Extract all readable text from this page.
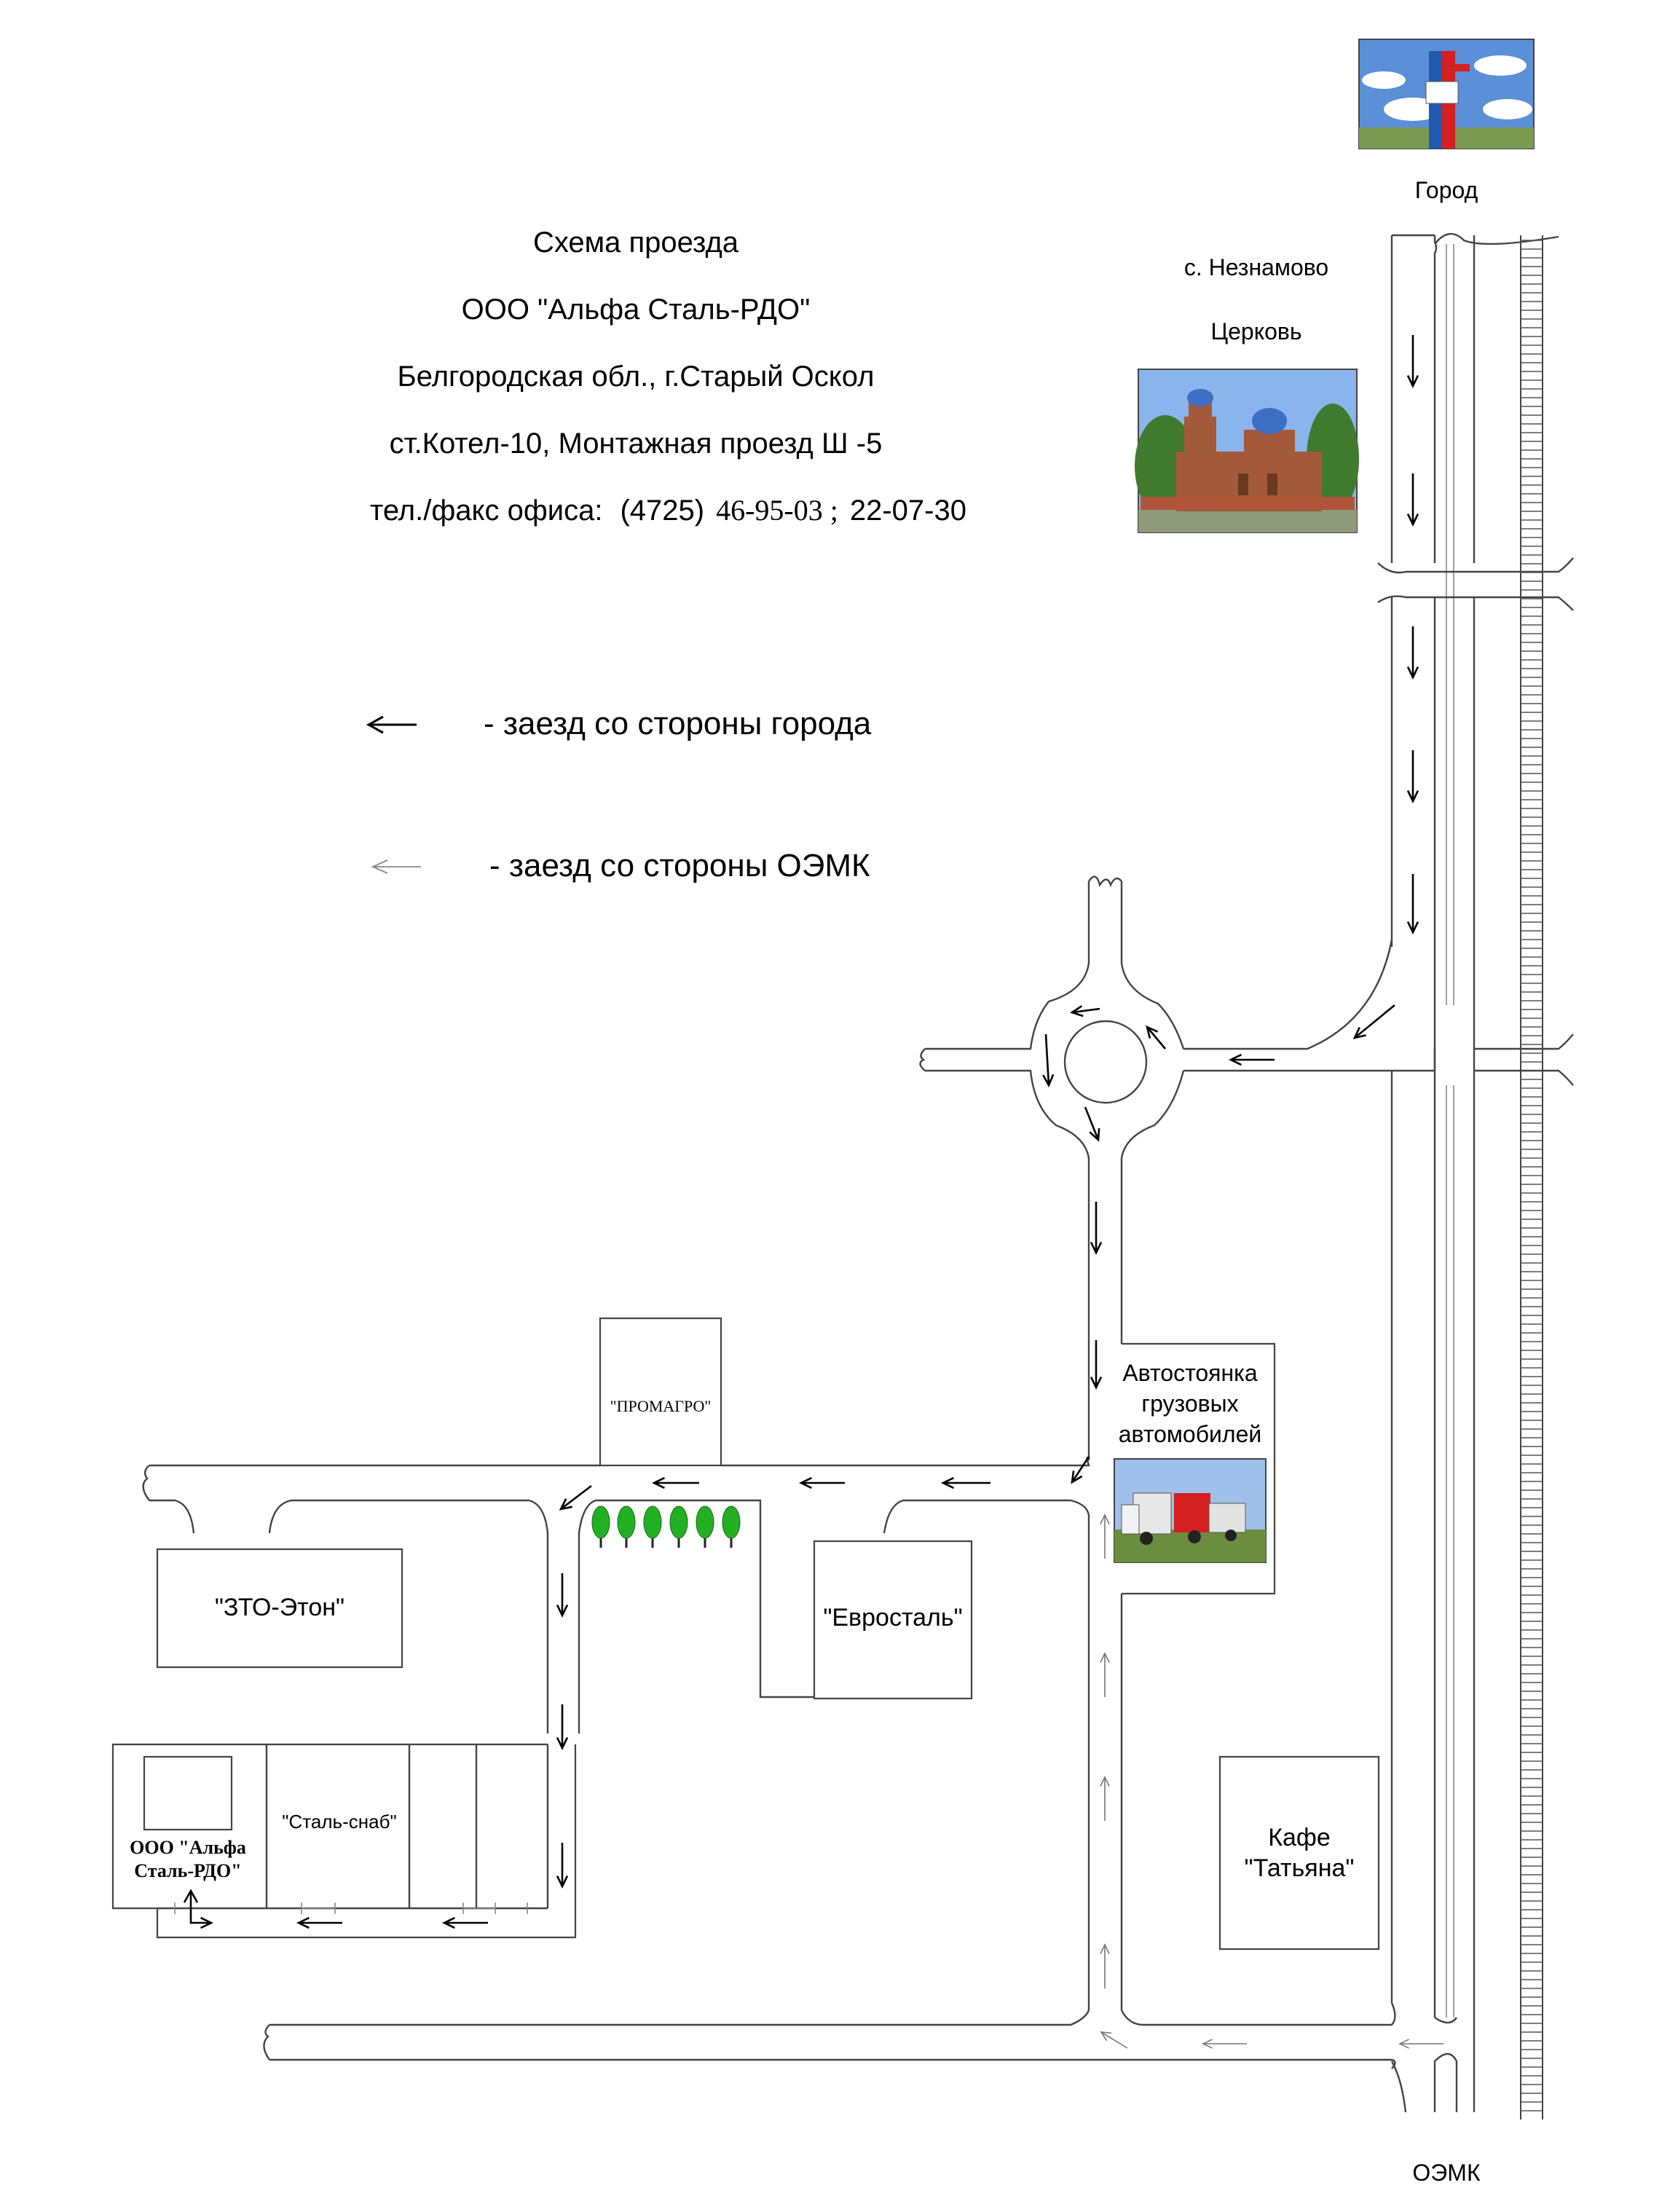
Схема проезда
ООО "Альфа Сталь-РДО"
Белгородская обл., г.Старый Оскол
ст.Котел-10, Монтажная проезд Ш -5
тел./факс офиса: (4725) 46-95-03 ; 22-07-30
- заезд со стороны города
- заезд со стороны ОЭМК
Город
с. Незнамово
Церковь
Автостоянка
грузовых
автомобилей
"ПРОМАГРО"
"ЗТО-Этон"	"Евросталь"
Кафе
"Татьяна"
ООО "Альфа
Сталь-РДО"
"Сталь-снаб"
ОЭМК
